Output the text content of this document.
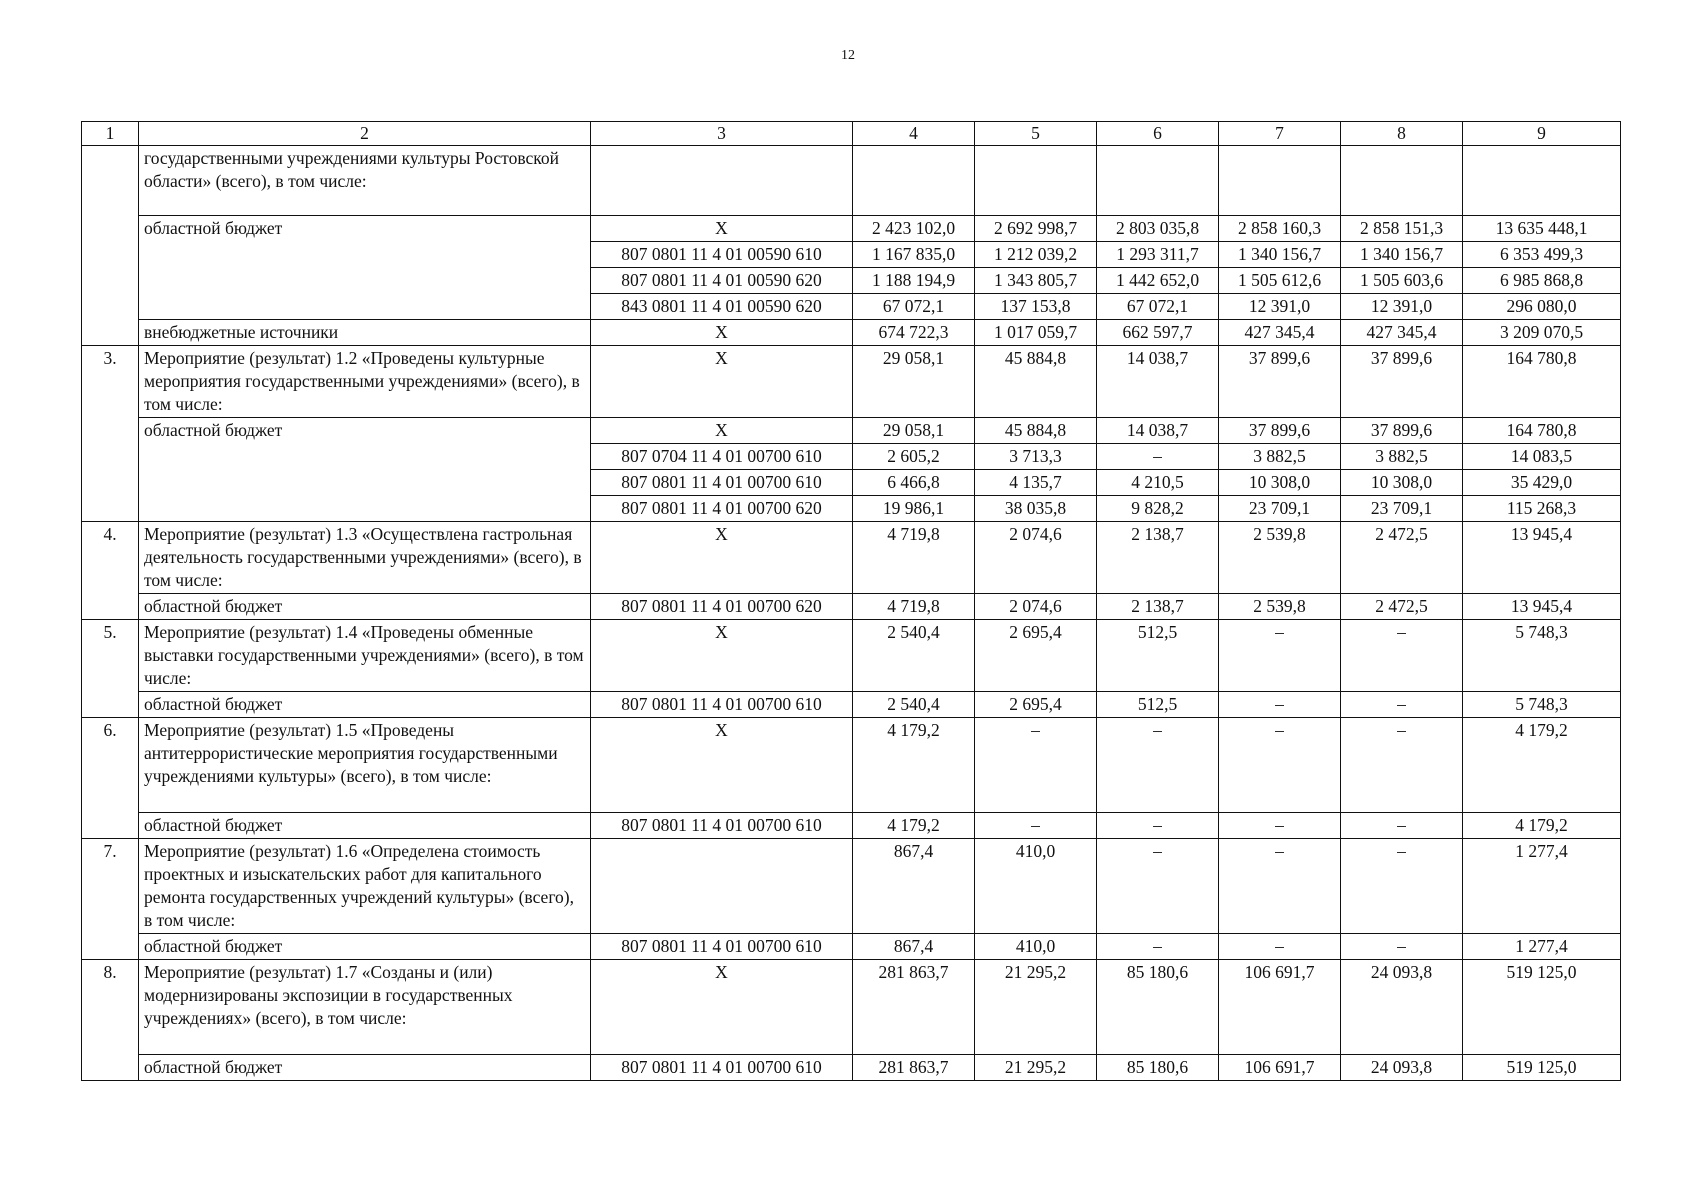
12
1	2	3	4	5	6	7	8	9
	государственными учреждениями культуры Ростовской области» (всего), в том числе:							
	областной бюджет	Х	2 423 102,0	2 692 998,7	2 803 035,8	2 858 160,3	2 858 151,3	13 635 448,1
		807 0801 11 4 01 00590 610	1 167 835,0	1 212 039,2	1 293 311,7	1 340 156,7	1 340 156,7	6 353 499,3
		807 0801 11 4 01 00590 620	1 188 194,9	1 343 805,7	1 442 652,0	1 505 612,6	1 505 603,6	6 985 868,8
		843 0801 11 4 01 00590 620	67 072,1	137 153,8	67 072,1	12 391,0	12 391,0	296 080,0
	внебюджетные источники	Х	674 722,3	1 017 059,7	662 597,7	427 345,4	427 345,4	3 209 070,5
3.	Мероприятие (результат) 1.2 «Проведены культурные мероприятия государственными учреждениями» (всего), в том числе:	Х	29 058,1	45 884,8	14 038,7	37 899,6	37 899,6	164 780,8
	областной бюджет	Х	29 058,1	45 884,8	14 038,7	37 899,6	37 899,6	164 780,8
		807 0704 11 4 01 00700 610	2 605,2	3 713,3	–	3 882,5	3 882,5	14 083,5
		807 0801 11 4 01 00700 610	6 466,8	4 135,7	4 210,5	10 308,0	10 308,0	35 429,0
		807 0801 11 4 01 00700 620	19 986,1	38 035,8	9 828,2	23 709,1	23 709,1	115 268,3
4.	Мероприятие (результат) 1.3 «Осуществлена гастрольная деятельность государственными учреждениями» (всего), в том числе:	Х	4 719,8	2 074,6	2 138,7	2 539,8	2 472,5	13 945,4
	областной бюджет	807 0801 11 4 01 00700 620	4 719,8	2 074,6	2 138,7	2 539,8	2 472,5	13 945,4
5.	Мероприятие (результат) 1.4 «Проведены обменные выставки государственными учреждениями» (всего), в том числе:	Х	2 540,4	2 695,4	512,5	–	–	5 748,3
	областной бюджет	807 0801 11 4 01 00700 610	2 540,4	2 695,4	512,5	–	–	5 748,3
6.	Мероприятие (результат) 1.5 «Проведены антитеррористические мероприятия государственными учреждениями культуры» (всего), в том числе:	Х	4 179,2	–	–	–	–	4 179,2
	областной бюджет	807 0801 11 4 01 00700 610	4 179,2	–	–	–	–	4 179,2
7.	Мероприятие (результат) 1.6 «Определена стоимость проектных и изыскательских работ для капитального ремонта государственных учреждений культуры» (всего), в том числе:		867,4	410,0	–	–	–	1 277,4
	областной бюджет	807 0801 11 4 01 00700 610	867,4	410,0	–	–	–	1 277,4
8.	Мероприятие (результат) 1.7 «Созданы и (или) модернизированы экспозиции в государственных учреждениях» (всего), в том числе:	Х	281 863,7	21 295,2	85 180,6	106 691,7	24 093,8	519 125,0
	областной бюджет	807 0801 11 4 01 00700 610	281 863,7	21 295,2	85 180,6	106 691,7	24 093,8	519 125,0
